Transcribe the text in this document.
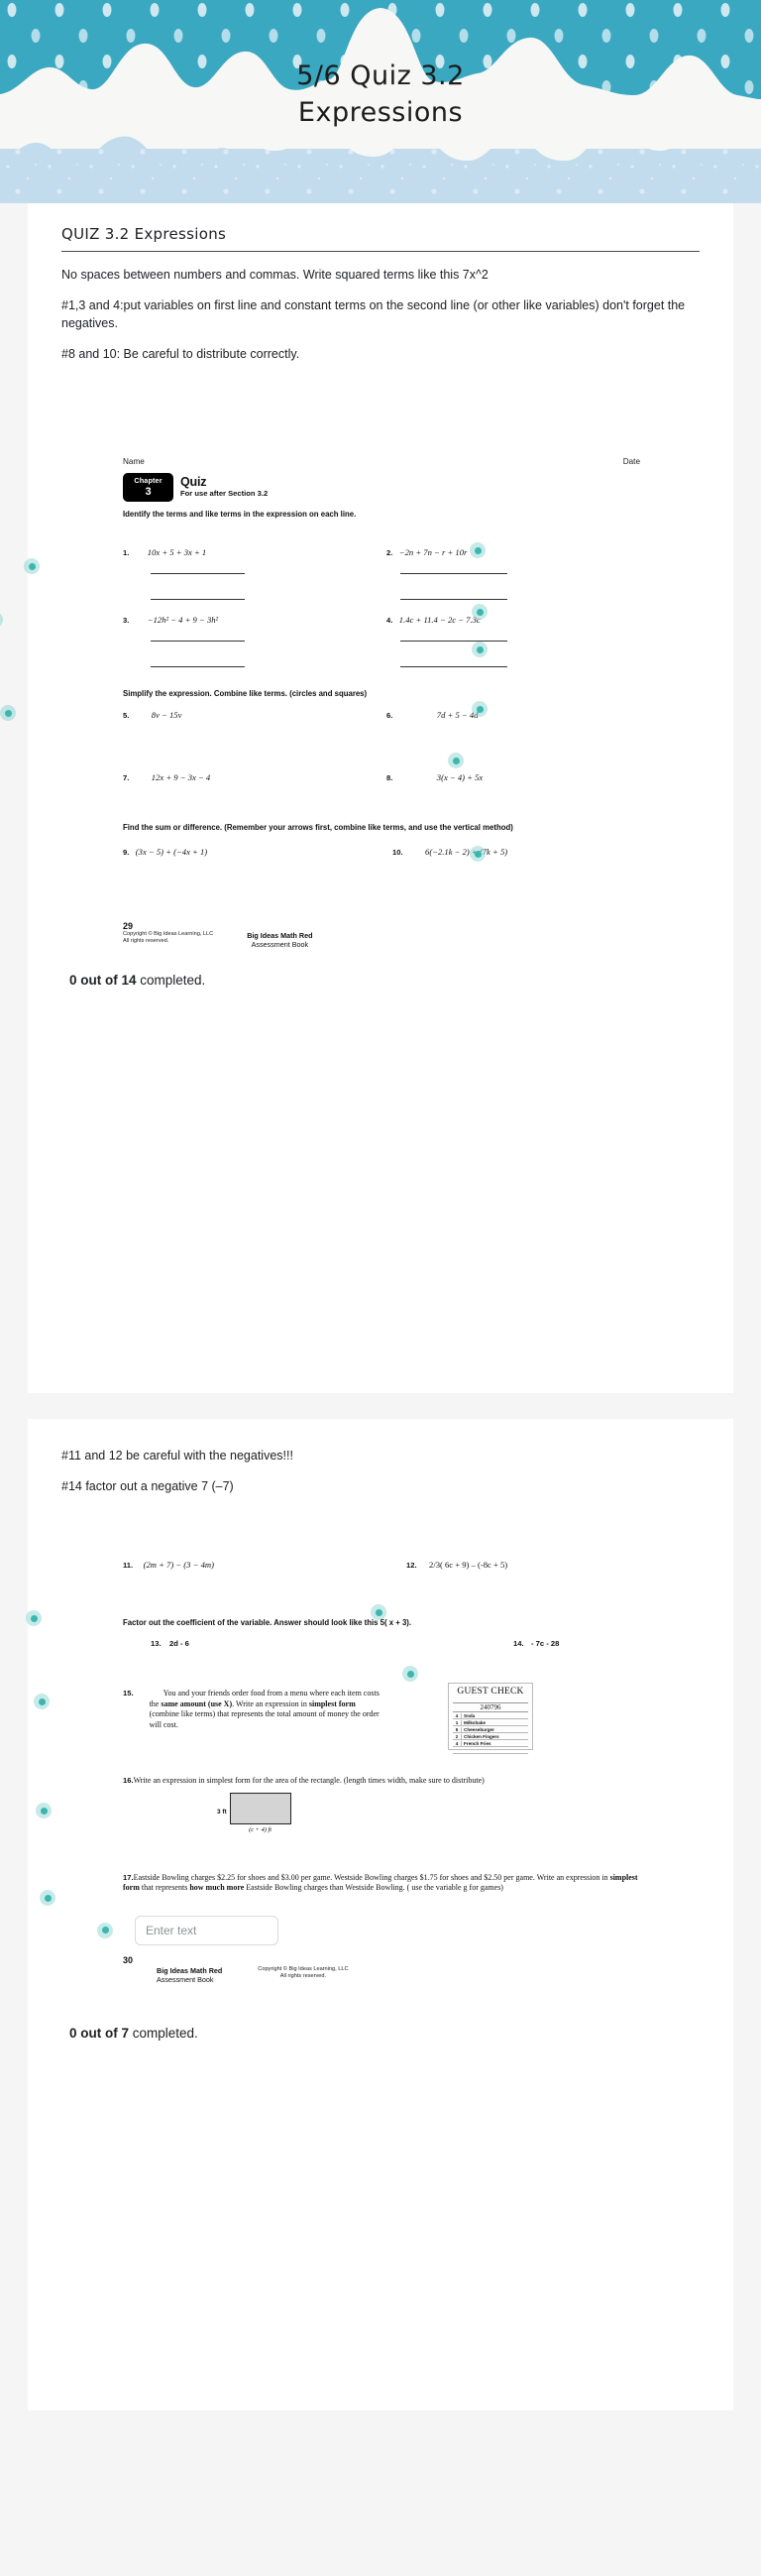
5/6 Quiz 3.2
Expressions
QUIZ 3.2 Expressions

No spaces between numbers and commas. Write squared terms like this 7x^2

#1,3 and 4:put variables on first line and constant terms on the second line (or other like variables) don't forget the negatives.

#8 and 10: Be careful to distribute correctly.

Name	Date
Chapter
3
Quiz
For use after Section 3.2
Identify the terms and like terms in the expression on each line.
1. 10x + 5 + 3x + 1	2. −2n + 7n − r + 10r
3. −12h² − 4 + 9 − 3h²	4. 1.4c + 11.4 − 2c − 7.3c
Simplify the expression. Combine like terms. (circles and squares)
5.	8v − 15v	6.	7d + 5 − 4d
7.	12x + 9 − 3x − 4	8.	3(x − 4) + 5x
Find the sum or difference. (Remember your arrows first, combine like terms, and use the vertical method)
9. (3x − 5) + (−4x + 1)	10.	6(−2.1k − 2) + (7k + 5)
29
Copyright © Big Ideas Learning, LLC
All rights reserved.
Big Ideas Math Red
Assessment Book
0 out of 14 completed.

#11 and 12 be careful with the negatives!!!

#14 factor out a negative 7 (–7)

11. (2m + 7) − (3 − 4m)	12. 2/3( 6c + 9) – (-8c + 5)
Factor out the coefficient of the variable. Answer should look like this 5( x + 3).
13. 2d - 6	14. - 7c - 28
15.	You and your friends order food from a menu where each item costs the same amount (use X). Write an expression in simplest form (combine like terms) that represents the total amount of money the order will cost.
GUEST CHECK

240796
4	Soda
1	Milkshake
5	Cheeseburger
2	Chicken Fingers
4	French Fries
16.Write an expression in simplest form for the area of the rectangle. (length times width, make sure to distribute)
3 ft
(c + 4) ft
17.Eastside Bowling charges $2.25 for shoes and $3.00 per game. Westside Bowling charges $1.75 for shoes and $2.50 per game. Write an expression in simplest form that represents how much more Eastside Bowling charges than Westside Bowling. ( use the variable g for games)
Enter text
30
Big Ideas Math Red
Assessment Book
Copyright © Big Ideas Learning, LLC
All rights reserved.
0 out of 7 completed.
